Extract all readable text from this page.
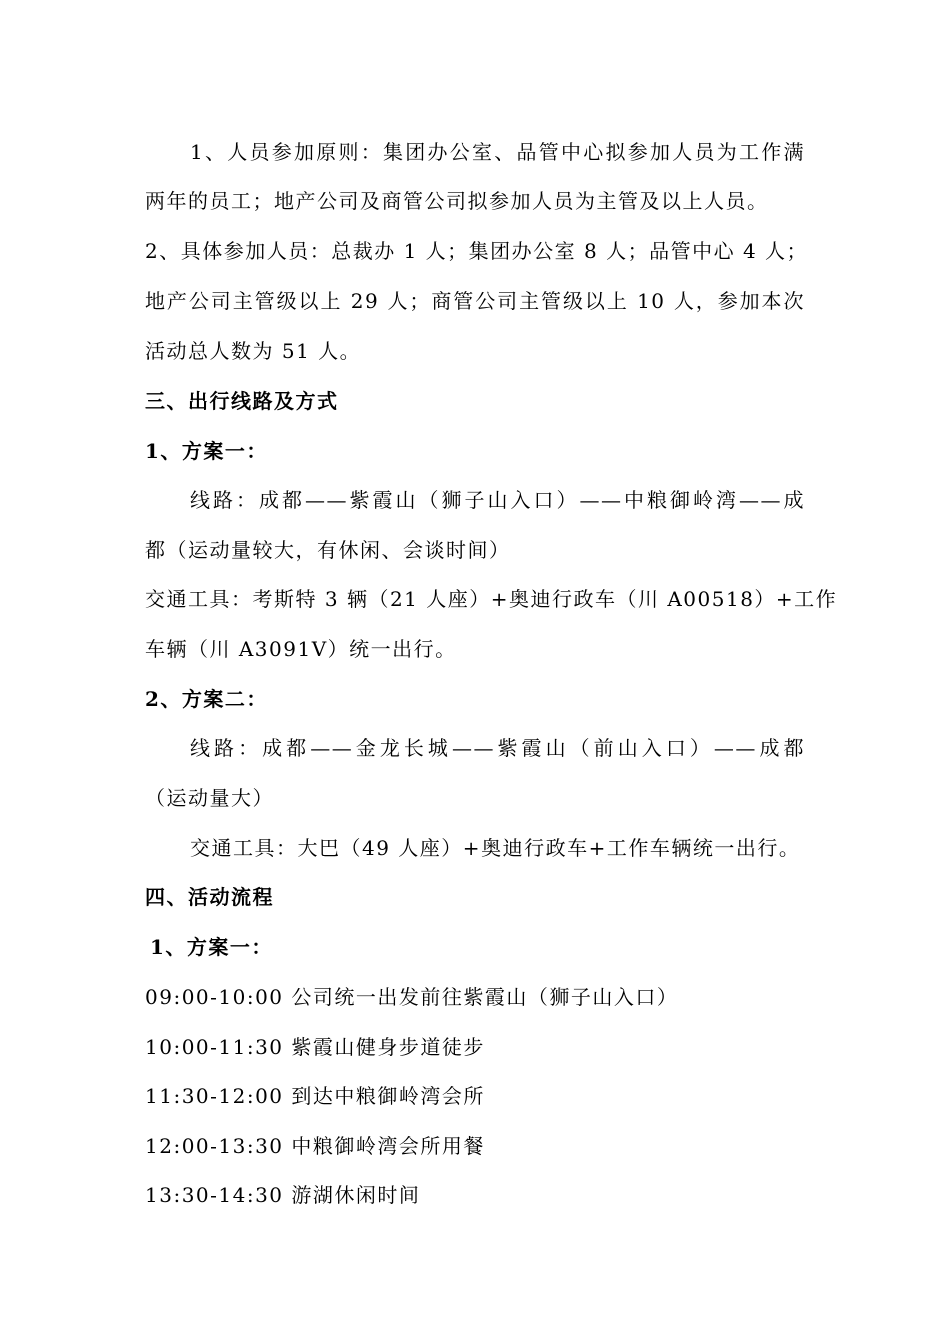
1、人员参加原则：集团办公室、品管中心拟参加人员为工作满
两年的员工；地产公司及商管公司拟参加人员为主管及以上人员。
2、具体参加人员：总裁办 1 人；集团办公室 8 人；品管中心 4 人；
地产公司主管级以上 29 人；商管公司主管级以上 10 人，参加本次
活动总人数为 51 人。
三、出行线路及方式
1、方案一：
线路：成都——紫霞山（狮子山入口）——中粮御岭湾——成
都（运动量较大，有休闲、会谈时间）
交通工具：考斯特 3 辆（21 人座）+奥迪行政车（川 A00518）+工作
车辆（川 A3091V）统一出行。
2、方案二：
线路：成都——金龙长城——紫霞山（前山入口）——成都
（运动量大）
交通工具：大巴（49 人座）+奥迪行政车+工作车辆统一出行。
四、活动流程
1、方案一：
09:00-10:00 公司统一出发前往紫霞山（狮子山入口）
10:00-11:30 紫霞山健身步道徒步
11:30-12:00 到达中粮御岭湾会所
12:00-13:30 中粮御岭湾会所用餐
13:30-14:30 游湖休闲时间
